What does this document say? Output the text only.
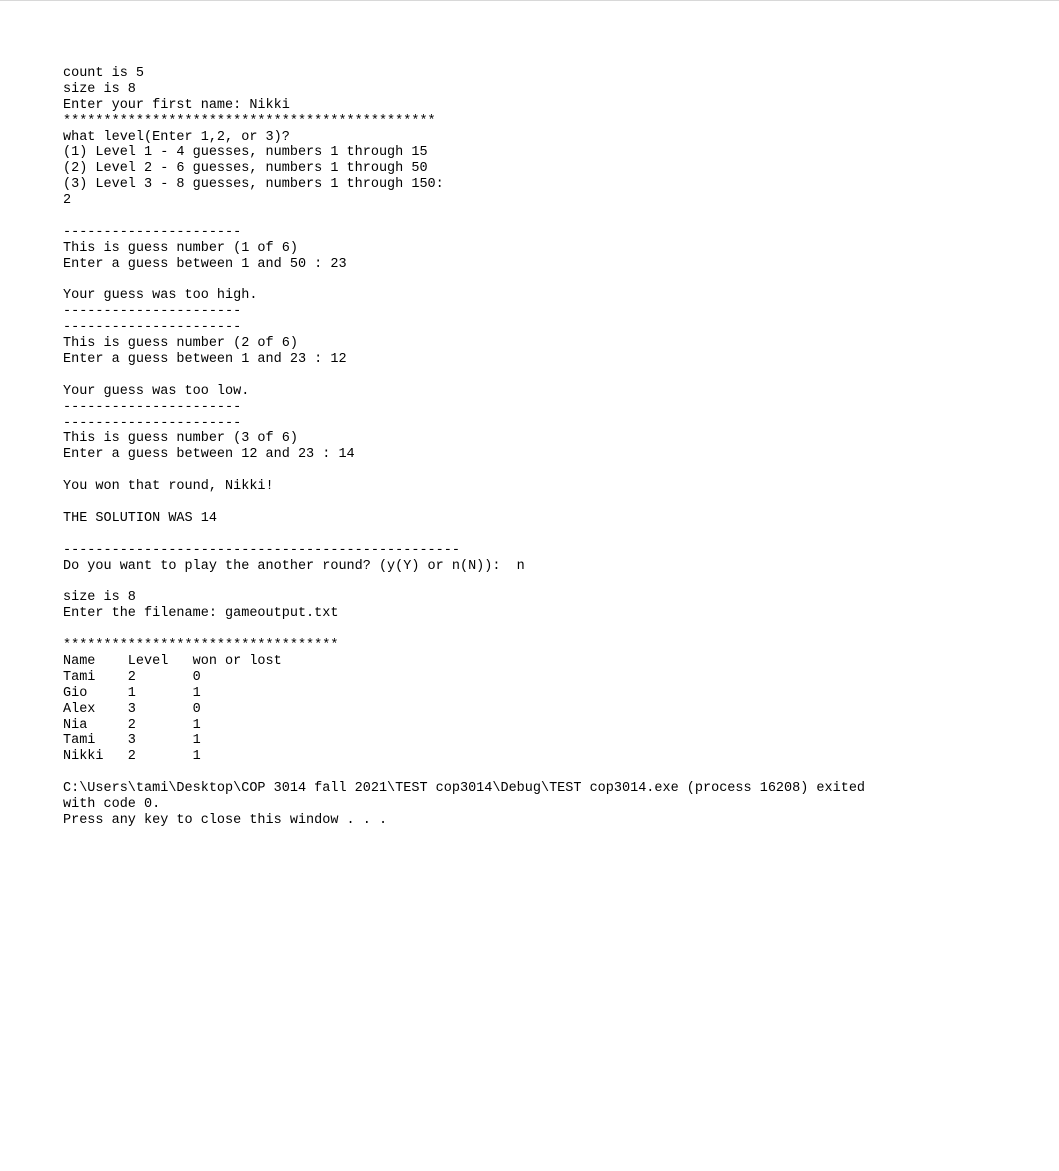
count is 5
size is 8
Enter your first name: Nikki
**********************************************
what level(Enter 1,2, or 3)?
(1) Level 1 - 4 guesses, numbers 1 through 15
(2) Level 2 - 6 guesses, numbers 1 through 50
(3) Level 3 - 8 guesses, numbers 1 through 150:
2
----------------------
This is guess number (1 of 6)
Enter a guess between 1 and 50 : 23
Your guess was too high.
----------------------
----------------------
This is guess number (2 of 6)
Enter a guess between 1 and 23 : 12
Your guess was too low.
----------------------
----------------------
This is guess number (3 of 6)
Enter a guess between 12 and 23 : 14
You won that round, Nikki!
THE SOLUTION WAS 14
-------------------------------------------------
Do you want to play the another round? (y(Y) or n(N)):  n
size is 8
Enter the filename: gameoutput.txt
**********************************
Name    Level   won or lost
Tami    2       0
Gio     1       1
Alex    3       0
Nia     2       1
Tami    3       1
Nikki   2       1
C:\Users\tami\Desktop\COP 3014 fall 2021\TEST cop3014\Debug\TEST cop3014.exe (process 16208) exited
with code 0.
Press any key to close this window . . .
